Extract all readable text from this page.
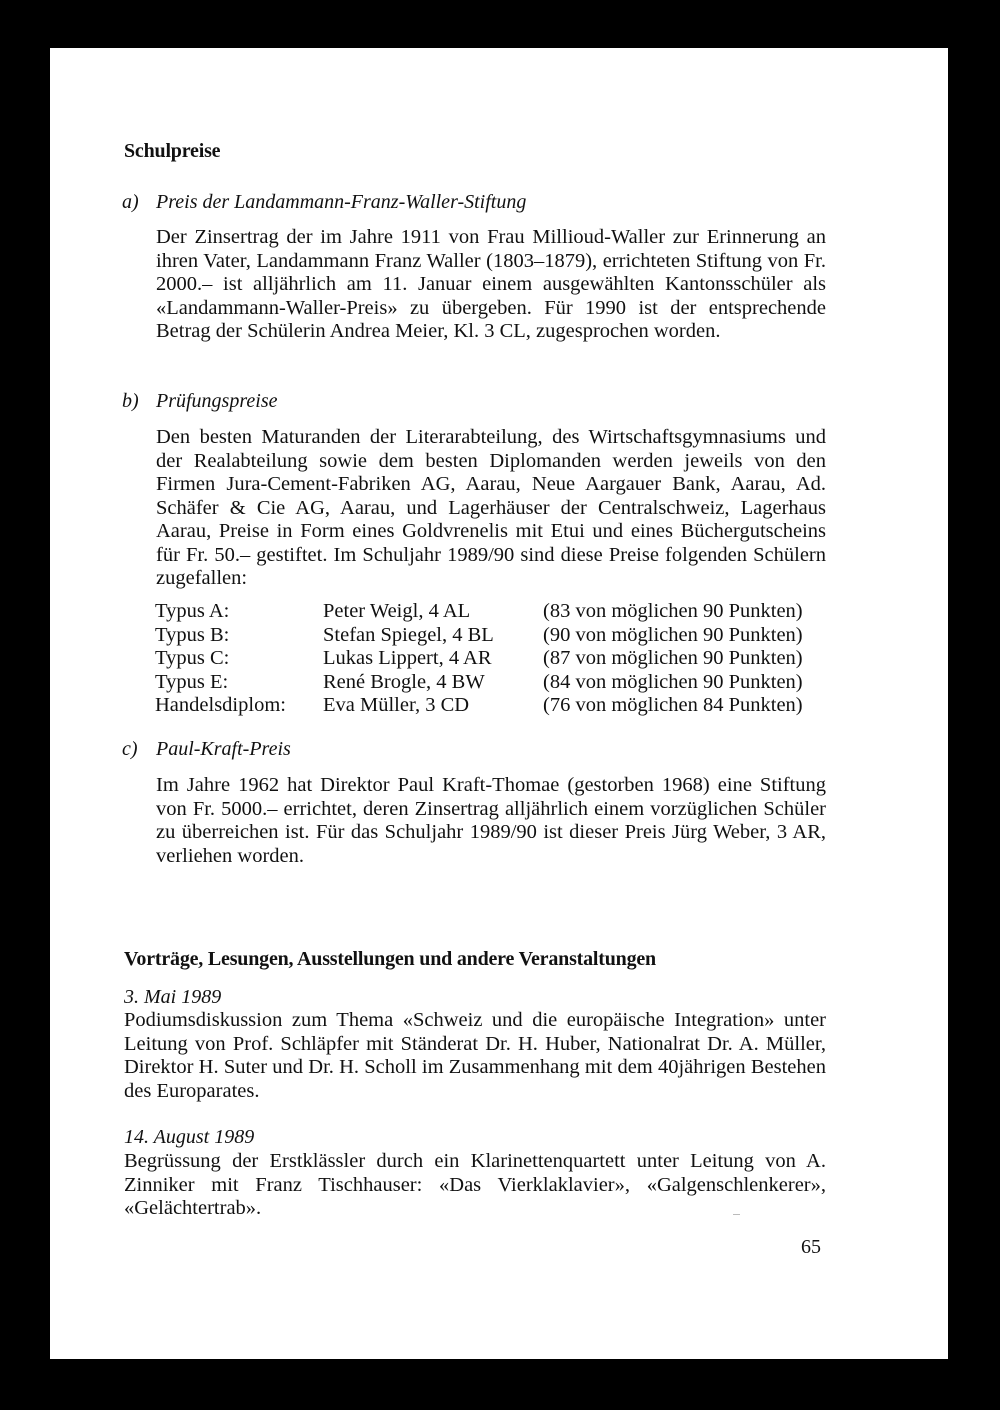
Schulpreise
a) Preis der Landammann-Franz-Waller-Stiftung

Der Zinsertrag der im Jahre 1911 von Frau Millioud-Waller zur Erinnerung an ihren Vater, Landammann Franz Waller (1803–1879), errichteten Stiftung von Fr. 2000.– ist alljährlich am 11. Januar einem ausgewählten Kantonsschüler als «Landammann-Waller-Preis» zu übergeben. Für 1990 ist der entsprechende Betrag der Schülerin Andrea Meier, Kl. 3 CL, zugesprochen worden.

b) Prüfungspreise

Den besten Maturanden der Literarabteilung, des Wirtschaftsgymnasiums und der Realabteilung sowie dem besten Diplomanden werden jeweils von den Firmen Jura-Cement-Fabriken AG, Aarau, Neue Aargauer Bank, Aarau, Ad. Schäfer & Cie AG, Aarau, und Lagerhäuser der Centralschweiz, Lagerhaus Aarau, Preise in Form eines Goldvrenelis mit Etui und eines Büchergutscheins für Fr. 50.– gestiftet. Im Schuljahr 1989/90 sind diese Preise folgenden Schülern zugefallen:

Typus A:	Peter Weigl, 4 AL	(83 von möglichen 90 Punkten)
Typus B:	Stefan Spiegel, 4 BL	(90 von möglichen 90 Punkten)
Typus C:	Lukas Lippert, 4 AR	(87 von möglichen 90 Punkten)
Typus E:	René Brogle, 4 BW	(84 von möglichen 90 Punkten)
Handelsdiplom:	Eva Müller, 3 CD	(76 von möglichen 84 Punkten)
c) Paul-Kraft-Preis

Im Jahre 1962 hat Direktor Paul Kraft-Thomae (gestorben 1968) eine Stiftung von Fr. 5000.– errichtet, deren Zinsertrag alljährlich einem vorzüglichen Schüler zu überreichen ist. Für das Schuljahr 1989/90 ist dieser Preis Jürg Weber, 3 AR, verliehen worden.

Vorträge, Lesungen, Ausstellungen und andere Veranstaltungen
3. Mai 1989

Podiumsdiskussion zum Thema «Schweiz und die europäische Integration» unter Leitung von Prof. Schläpfer mit Ständerat Dr. H. Huber, Nationalrat Dr. A. Müller, Direktor H. Suter und Dr. H. Scholl im Zusammenhang mit dem 40jährigen Bestehen des Europarates.

14. August 1989

Begrüssung der Erstklässler durch ein Klarinettenquartett unter Leitung von A. Zinniker mit Franz Tischhauser: «Das Vierklaklavier», «Galgenschlenkerer», «Gelächtertrab».

65
